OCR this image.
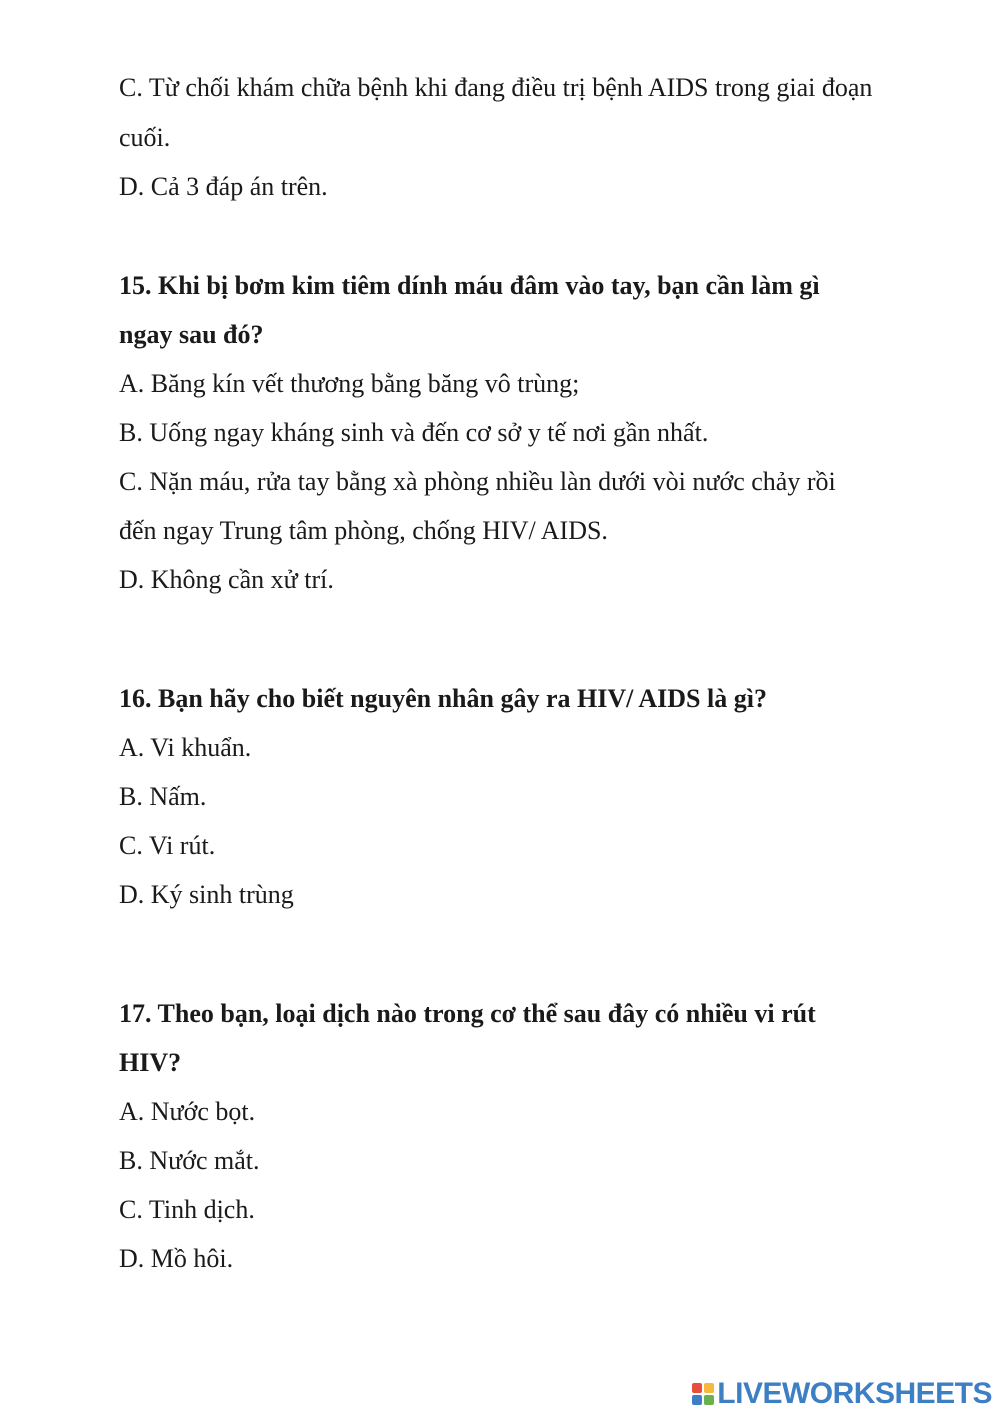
C. Từ chối khám chữa bệnh khi đang điều trị bệnh AIDS trong giai đoạn
cuối.
D. Cả 3 đáp án trên.
15. Khi bị bơm kim tiêm dính máu đâm vào tay, bạn cần làm gì
ngay sau đó?
A. Băng kín vết thương bằng băng vô trùng;
B. Uống ngay kháng sinh và đến cơ sở y tế nơi gần nhất.
C. Nặn máu, rửa tay bằng xà phòng nhiều làn dưới vòi nước chảy rồi
đến ngay Trung tâm phòng, chống HIV/ AIDS.
D. Không cần xử trí.
16. Bạn hãy cho biết nguyên nhân gây ra HIV/ AIDS là gì?
A. Vi khuẩn.
B. Nấm.
C. Vi rút.
D. Ký sinh trùng
17. Theo bạn, loại dịch nào trong cơ thể sau đây có nhiều vi rút
HIV?
A. Nước bọt.
B. Nước mắt.
C. Tinh dịch.
D. Mồ hôi.
LIVEWORKSHEETS
